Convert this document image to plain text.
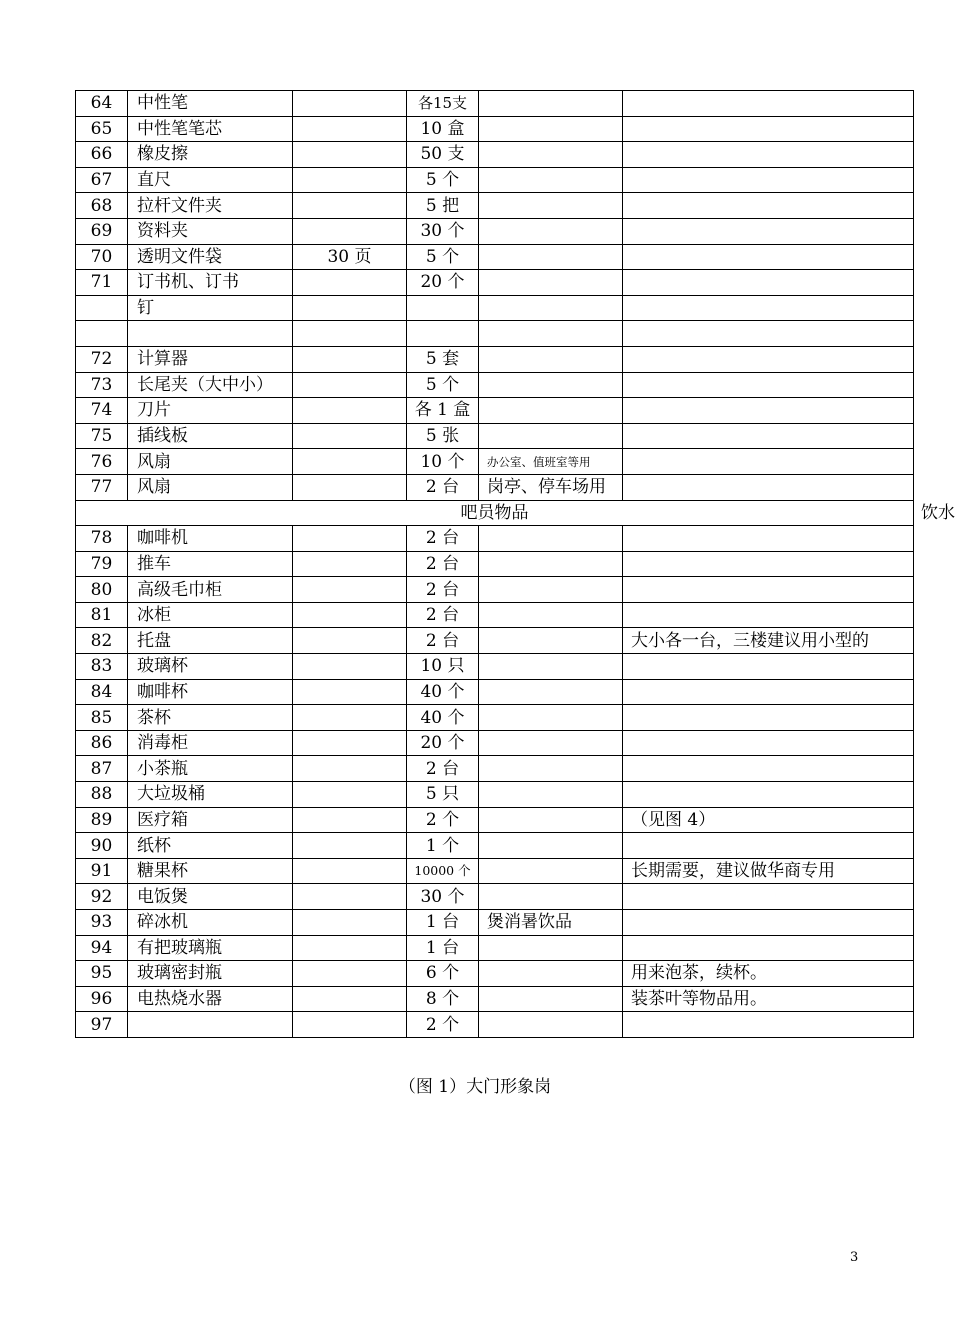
64	中性笔		各15支		
65	中性笔笔芯		10 盒		
66	橡皮擦		50 支		
67	直尺		5 个		
68	拉杆文件夹		5 把		
69	资料夹		30 个		
70	透明文件袋	30 页	5 个		
71	订书机、订书		20 个		
	钉				

72	计算器		5 套		
73	长尾夹（大中小）		5 个		
74	刀片		各 1 盒		
75	插线板		5 张		
76	风扇		10 个	办公室、值班室等用	
77	风扇		2 台	岗亭、停车场用	
吧员物品 饮水					

78	咖啡机		2 台		
79	推车		2 台		
80	高级毛巾柜		2 台		
81	冰柜		2 台		
82	托盘		2 台		大小各一台，三楼建议用小型的
83	玻璃杯		10 只		
84	咖啡杯		40 个		
85	茶杯		40 个		
86	消毒柜		20 个		
87	小茶瓶		2 台		
88	大垃圾桶		5 只		
89	医疗箱		2 个		（见图 4）
90	纸杯		1 个		
91	糖果杯		10000 个		长期需要，建议做华商专用
92	电饭煲		30 个		
93	碎冰机		1 台	煲消暑饮品	
94	有把玻璃瓶		1 台		
95	玻璃密封瓶		6 个		用来泡茶，续杯。
96	电热烧水器		8 个		装茶叶等物品用。
97			2 个		
（图 1）大门形象岗
3
